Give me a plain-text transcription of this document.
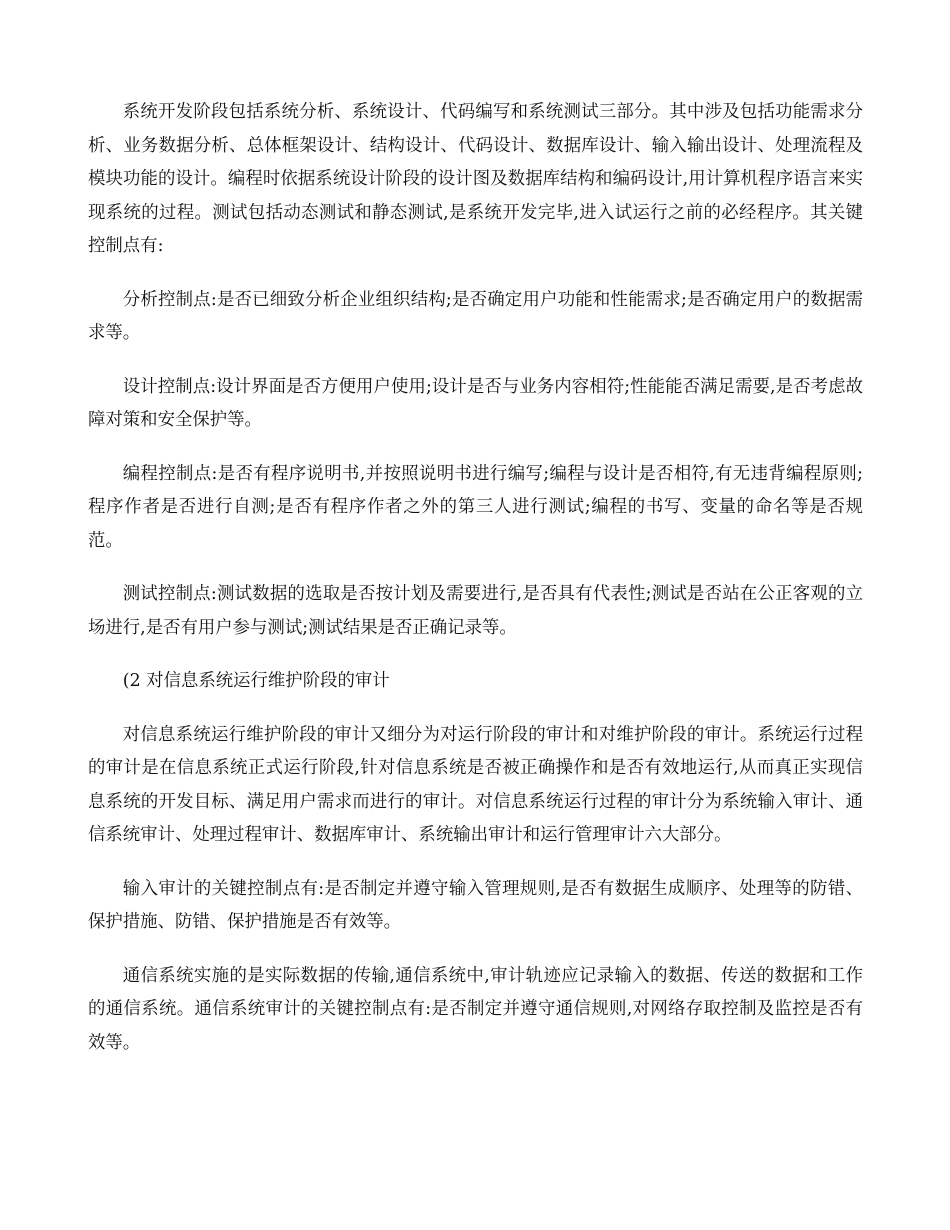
系统开发阶段包括系统分析、系统设计、代码编写和系统测试三部分。其中涉及包括功能需求分析、业务数据分析、总体框架设计、结构设计、代码设计、数据库设计、输入输出设计、处理流程及模块功能的设计。编程时依据系统设计阶段的设计图及数据库结构和编码设计,用计算机程序语言来实现系统的过程。测试包括动态测试和静态测试,是系统开发完毕,进入试运行之前的必经程序。其关键控制点有:

分析控制点:是否已细致分析企业组织结构;是否确定用户功能和性能需求;是否确定用户的数据需求等。

设计控制点:设计界面是否方便用户使用;设计是否与业务内容相符;性能能否满足需要,是否考虑故障对策和安全保护等。

编程控制点:是否有程序说明书,并按照说明书进行编写;编程与设计是否相符,有无违背编程原则;程序作者是否进行自测;是否有程序作者之外的第三人进行测试;编程的书写、变量的命名等是否规范。

测试控制点:测试数据的选取是否按计划及需要进行,是否具有代表性;测试是否站在公正客观的立场进行,是否有用户参与测试;测试结果是否正确记录等。

(2 对信息系统运行维护阶段的审计

对信息系统运行维护阶段的审计又细分为对运行阶段的审计和对维护阶段的审计。系统运行过程的审计是在信息系统正式运行阶段,针对信息系统是否被正确操作和是否有效地运行,从而真正实现信息系统的开发目标、满足用户需求而进行的审计。对信息系统运行过程的审计分为系统输入审计、通信系统审计、处理过程审计、数据库审计、系统输出审计和运行管理审计六大部分。

输入审计的关键控制点有:是否制定并遵守输入管理规则,是否有数据生成顺序、处理等的防错、保护措施、防错、保护措施是否有效等。

通信系统实施的是实际数据的传输,通信系统中,审计轨迹应记录输入的数据、传送的数据和工作的通信系统。通信系统审计的关键控制点有:是否制定并遵守通信规则,对网络存取控制及监控是否有效等。
